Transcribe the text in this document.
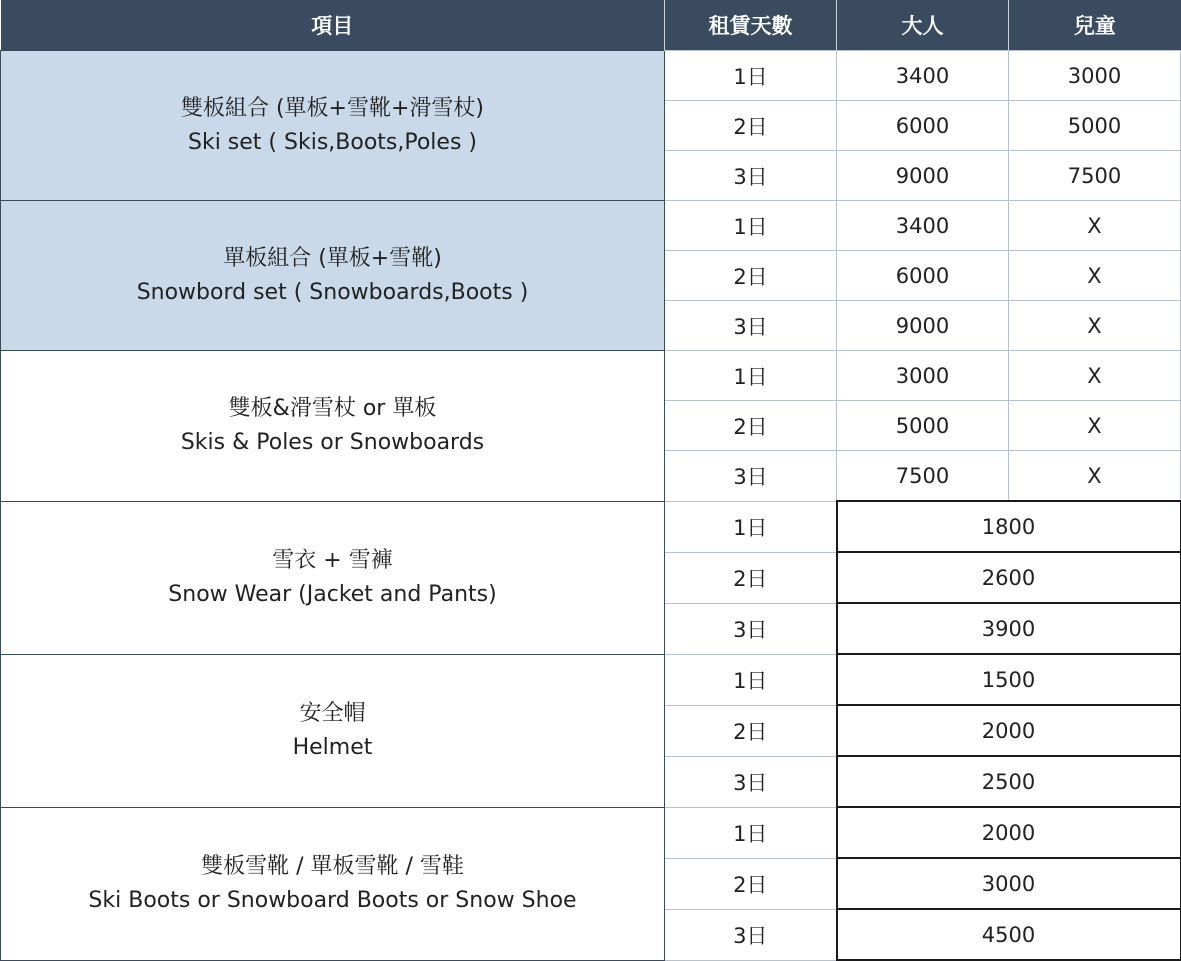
項目	租賃天數	大人	兒童

雙板組合 (單板+雪靴+滑雪杖)
Ski set ( Skis,Boots,Poles )	1日	3400	3000
	2日	6000	5000
	3日	9000	7500

單板組合 (單板+雪靴)
Snowbord set ( Snowboards,Boots )	1日	3400	X
	2日	6000	X
	3日	9000	X

雙板&滑雪杖 or 單板
Skis & Poles or Snowboards	1日	3000	X
	2日	5000	X
	3日	7500	X

雪衣 + 雪褲
Snow Wear (Jacket and Pants)	1日	1800	
	2日	2600	
	3日	3900	

安全帽
Helmet	1日	1500	
	2日	2000	
	3日	2500	

雙板雪靴 / 單板雪靴 / 雪鞋
Ski Boots or Snowboard Boots or Snow Shoe	1日	2000	
	2日	3000	
	3日	4500	
